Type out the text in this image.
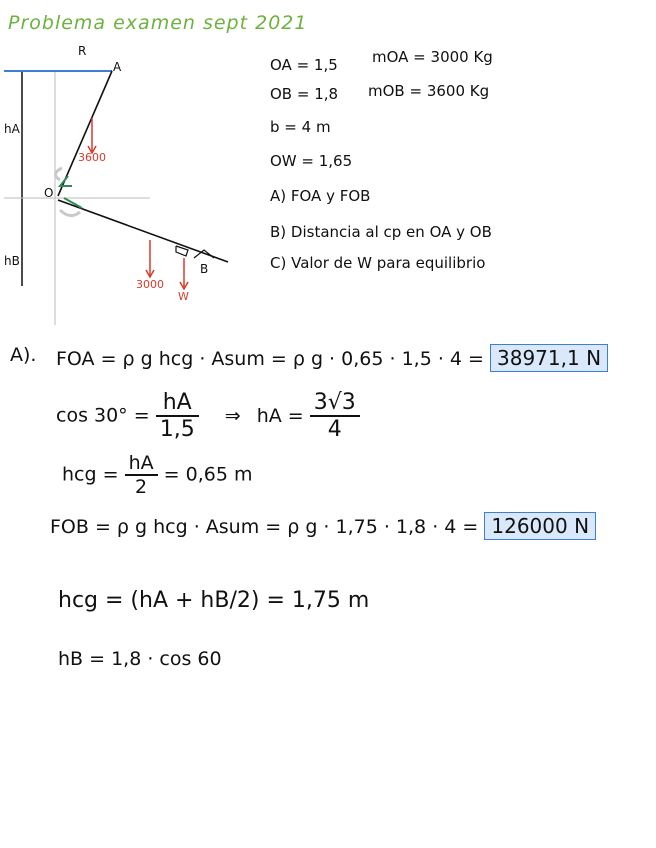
Problema examen sept 2021
R
A
B
O
hA
hB
3600
3000
W
OA = 1,5
OB = 1,8
b = 4 m
OW = 1,65
mOA = 3000 Kg
mOB = 3600 Kg
A) FOA y FOB
B) Distancia al cp en OA y OB
C) Valor de W para equilibrio
A). FOA = ρ g hcg · Asum = ρ g · 0,65 · 1,5 · 4 = 38971,1 N
$\cos 30^\circ = \frac{hA}{1,5}$ ⇒ hA = $\frac{3√3}{4}$
hcg = $\frac{hA}{2} = 0,65$ m
FOB = ρ g hcg · Asum = ρ g · 1,75 · 1,8 · 4 = 126000 N
hcg = (hA + hB/2) = 1,75 m
hB = 1,8 · cos 60
